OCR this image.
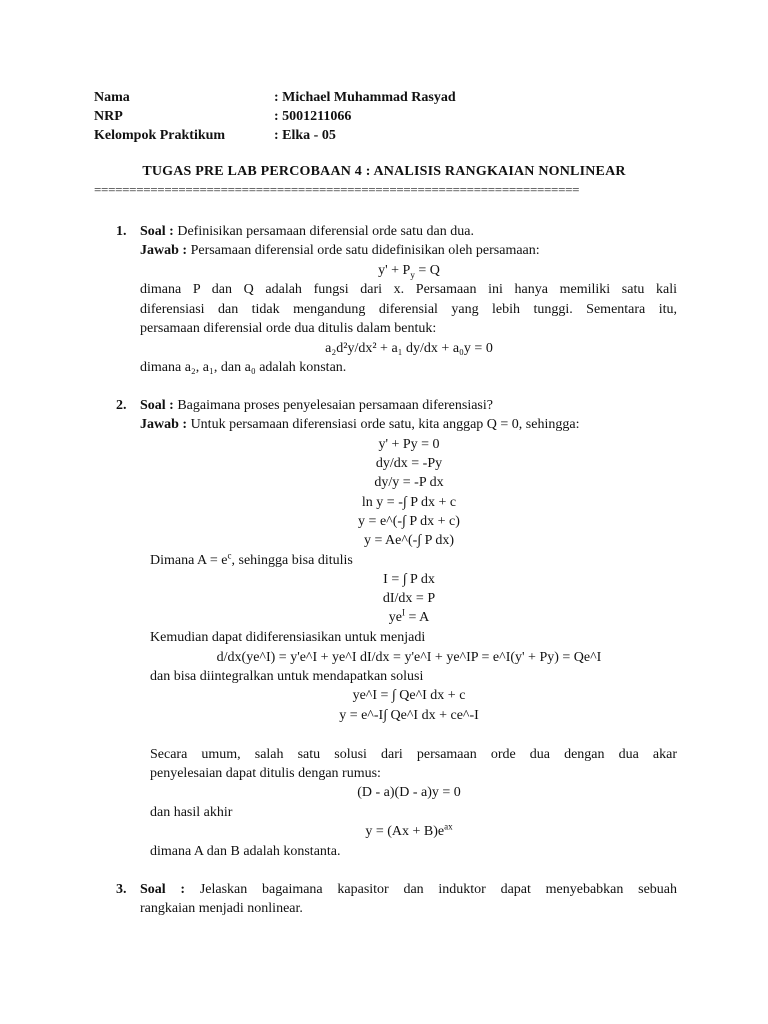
Nama	: Michael Muhammad Rasyad
NRP	: 5001211066
Kelompok Praktikum	: Elka - 05
TUGAS PRE LAB PERCOBAAN 4 : ANALISIS RANGKAIAN NONLINEAR
=====================================================================
1. Soal : Definisikan persamaan diferensial orde satu dan dua.
Jawab : Persamaan diferensial orde satu didefinisikan oleh persamaan:
$y' + P_y = Q$
dimana P dan Q adalah fungsi dari x. Persamaan ini hanya memiliki satu kali
diferensiasi dan tidak mengandung diferensial yang lebih tunggi. Sementara itu,
persamaan diferensial orde dua ditulis dalam bentuk:
a₂d²y/dx² + a₁ dy/dx + a₀y = 0
dimana a₂, a₁, dan a₀ adalah konstan.
2. Soal : Bagaimana proses penyelesaian persamaan diferensiasi?
Jawab : Untuk persamaan diferensiasi orde satu, kita anggap Q = 0, sehingga:
y' + Py = 0
dy/dx = -Py
dy/y = -P dx
ln y = -∫ P dx + c
y = e^(-∫ P dx + c)
y = Ae^(-∫ P dx)
Dimana $A = e^c$, sehingga bisa ditulis
I = ∫ P dx
dI/dx = P
$ye^I = A$
Kemudian dapat didiferensiasikan untuk menjadi
d/dx(ye^I) = y'e^I + ye^I dI/dx = y'e^I + ye^IP = e^I(y' + Py) = Qe^I
dan bisa diintegralkan untuk mendapatkan solusi
ye^I = ∫ Qe^I dx + c
y = e^-I∫ Qe^I dx + ce^-I
Secara umum, salah satu solusi dari persamaan orde dua dengan dua akar
penyelesaian dapat ditulis dengan rumus:
(D - a)(D - a)y = 0
dan hasil akhir
$y = (Ax + B)e^{ax}$
dimana A dan B adalah konstanta.
3. Soal : Jelaskan bagaimana kapasitor dan induktor dapat menyebabkan sebuah
rangkaian menjadi nonlinear.
